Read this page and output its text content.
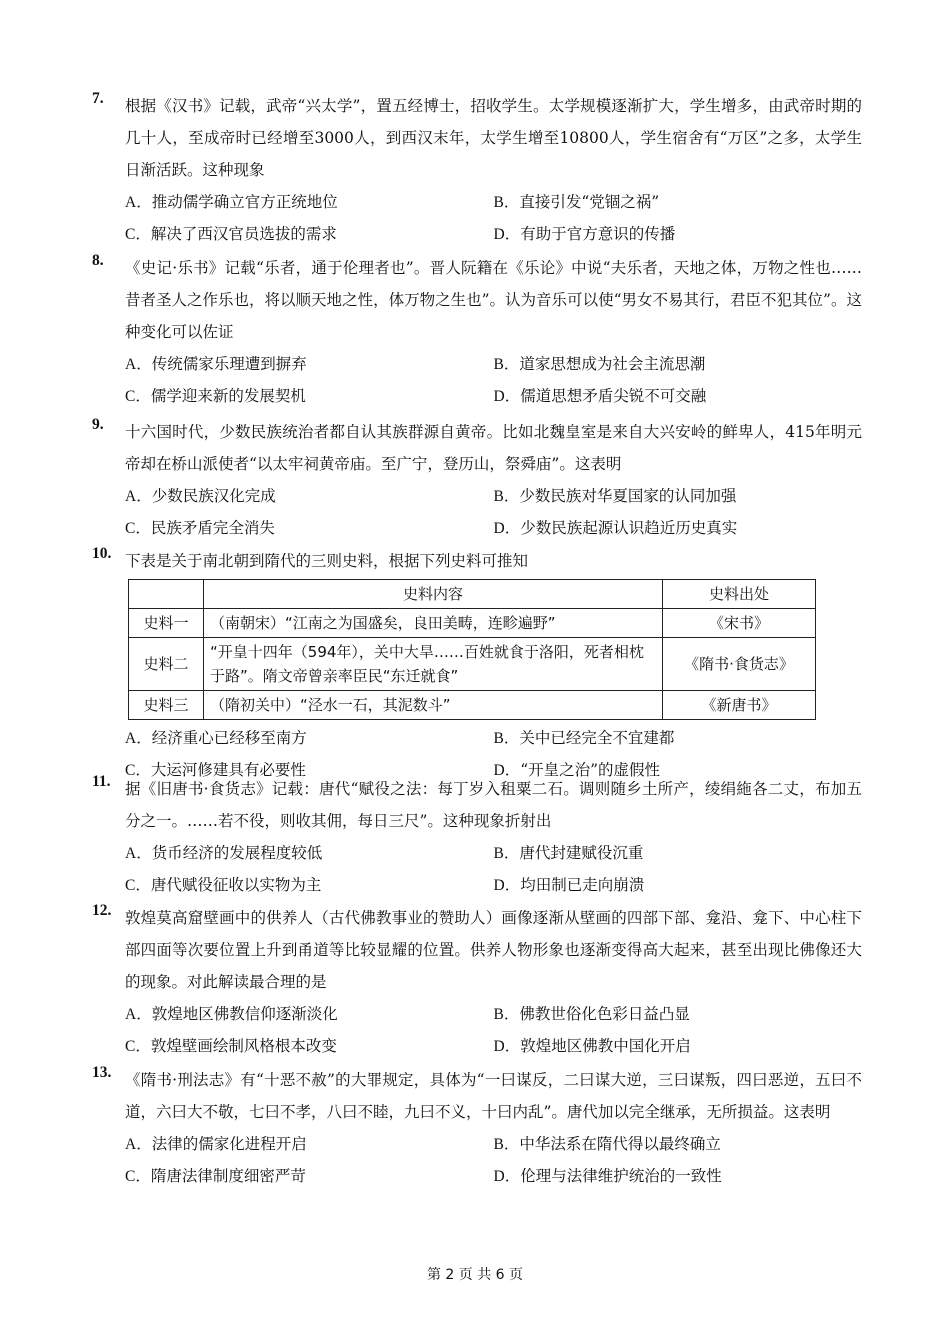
7. 根据《汉书》记载，武帝“兴太学”，置五经博士，招收学生。太学规模逐渐扩大，学生增多，由武帝时期的几十人，至成帝时已经增至3000人，到西汉末年，太学生增至10800人，学生宿舍有“万区”之多，太学生日渐活跃。这种现象
A．推动儒学确立官方正统地位	B．直接引发“党锢之祸”
C．解决了西汉官员选拔的需求	D．有助于官方意识的传播
8. 《史记·乐书》记载“乐者，通于伦理者也”。晋人阮籍在《乐论》中说“夫乐者，天地之体，万物之性也……昔者圣人之作乐也，将以顺天地之性，体万物之生也”。认为音乐可以使“男女不易其行，君臣不犯其位”。这种变化可以佐证
A．传统儒家乐理遭到摒弃	B．道家思想成为社会主流思潮
C．儒学迎来新的发展契机	D．儒道思想矛盾尖锐不可交融
9. 十六国时代，少数民族统治者都自认其族群源自黄帝。比如北魏皇室是来自大兴安岭的鲜卑人，415年明元帝却在桥山派使者“以太牢祠黄帝庙。至广宁，登历山，祭舜庙”。这表明
A．少数民族汉化完成	B．少数民族对华夏国家的认同加强
C．民族矛盾完全消失	D．少数民族起源认识趋近历史真实
10. 下表是关于南北朝到隋代的三则史料，根据下列史料可推知
	史料内容	史料出处
史料一	（南朝宋）“江南之为国盛矣，良田美畴，连畛遍野”	《宋书》
史料二	“开皇十四年（594年），关中大旱……百姓就食于洛阳，死者相枕于路”。隋文帝曾亲率臣民“东迁就食”	《隋书·食货志》
史料三	（隋初关中）“泾水一石，其泥数斗”	《新唐书》
A．经济重心已经移至南方	B．关中已经完全不宜建都
C．大运河修建具有必要性	D．“开皇之治”的虚假性
11. 据《旧唐书·食货志》记载：唐代“赋役之法：每丁岁入租粟二石。调则随乡土所产，绫绢絁各二丈，布加五分之一。……若不役，则收其佣，每日三尺”。这种现象折射出
A．货币经济的发展程度较低	B．唐代封建赋役沉重
C．唐代赋役征收以实物为主	D．均田制已走向崩溃
12. 敦煌莫高窟壁画中的供养人（古代佛教事业的赞助人）画像逐渐从壁画的四部下部、龛沿、龛下、中心柱下部四面等次要位置上升到甬道等比较显耀的位置。供养人物形象也逐渐变得高大起来，甚至出现比佛像还大的现象。对此解读最合理的是
A．敦煌地区佛教信仰逐渐淡化	B．佛教世俗化色彩日益凸显
C．敦煌壁画绘制风格根本改变	D．敦煌地区佛教中国化开启
13. 《隋书·刑法志》有“十恶不赦”的大罪规定，具体为“一曰谋反，二曰谋大逆，三曰谋叛，四曰恶逆，五曰不道，六曰大不敬，七曰不孝，八曰不睦，九曰不义，十曰内乱”。唐代加以完全继承，无所损益。这表明
A．法律的儒家化进程开启	B．中华法系在隋代得以最终确立
C．隋唐法律制度细密严苛	D．伦理与法律维护统治的一致性
第 2 页 共 6 页
